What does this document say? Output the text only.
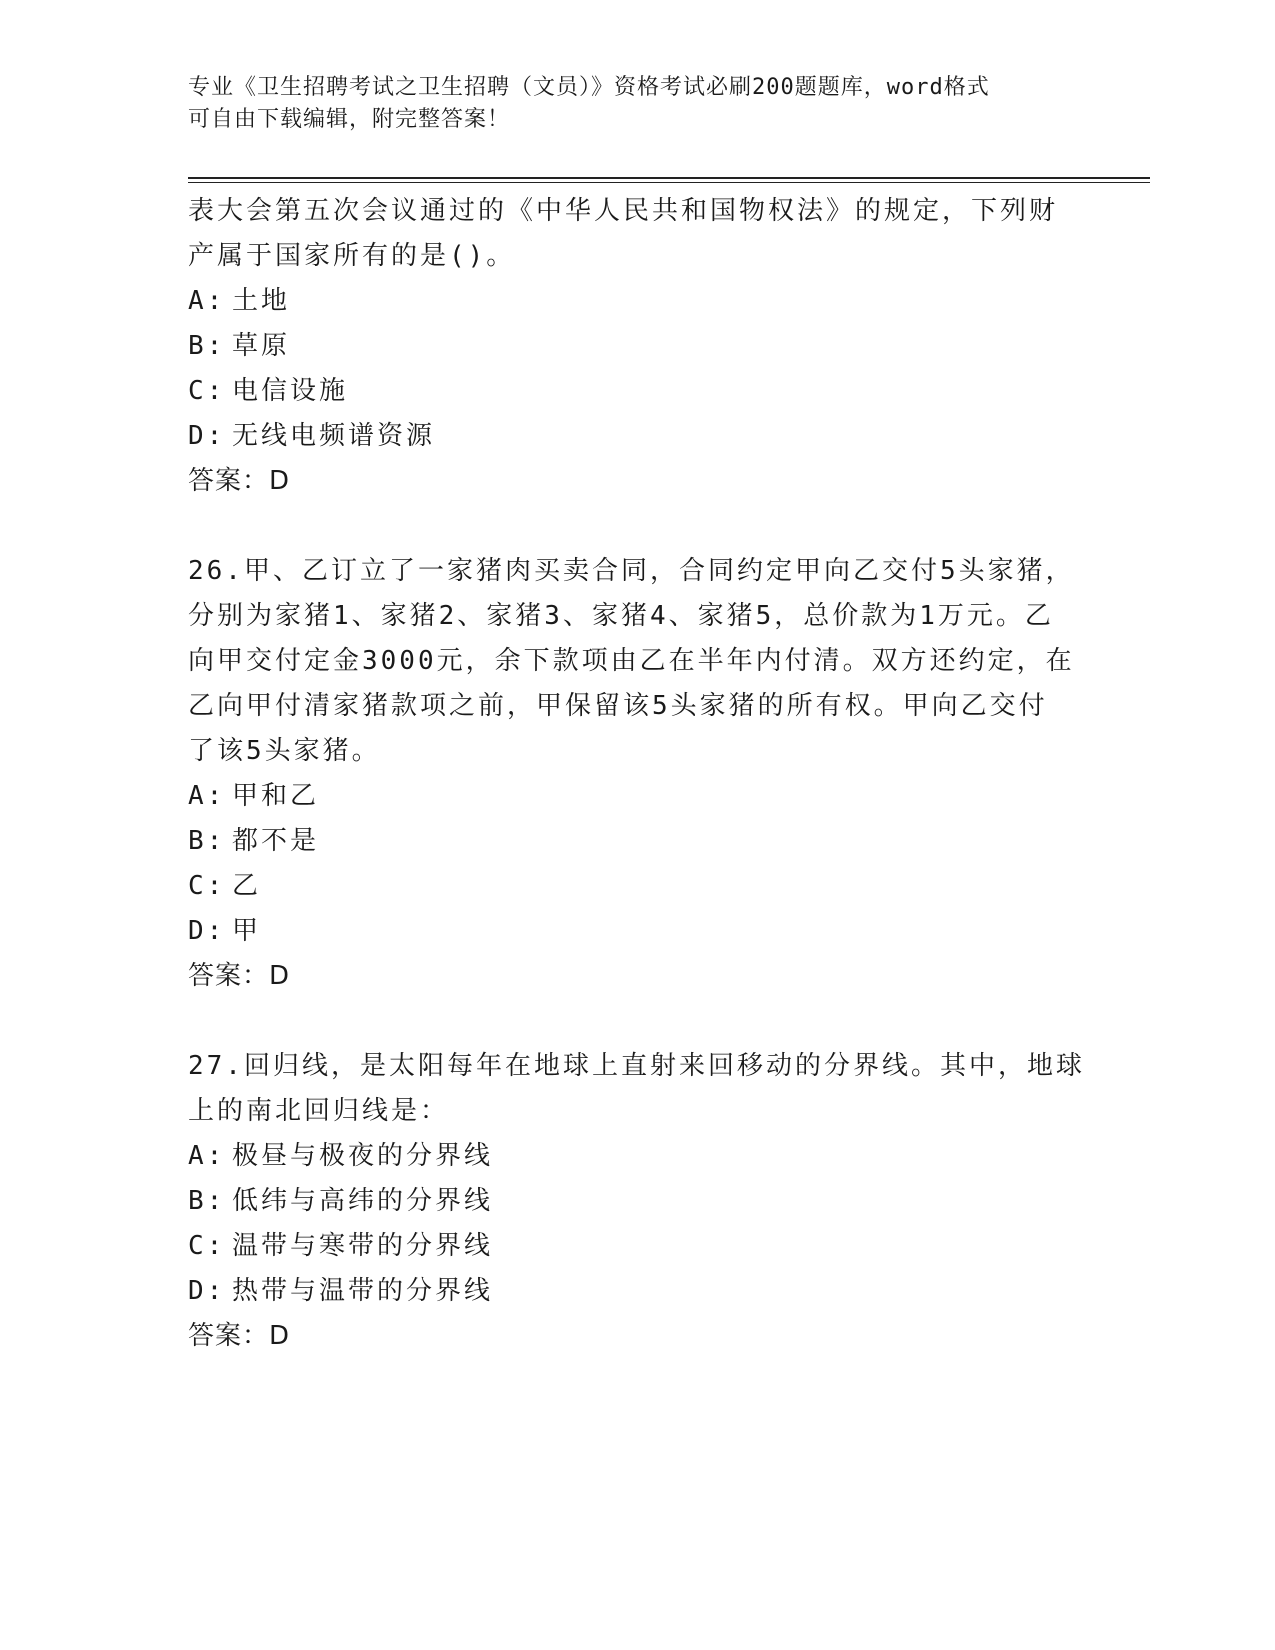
专业《卫生招聘考试之卫生招聘（文员）》资格考试必刷200题题库，word格式
可自由下载编辑，附完整答案！
表大会第五次会议通过的《中华人民共和国物权法》的规定，下列财
产属于国家所有的是()。
A: 土地
B: 草原
C: 电信设施
D: 无线电频谱资源
答案：D
26.甲、乙订立了一家猪肉买卖合同，合同约定甲向乙交付5头家猪，
分别为家猪1、家猪2、家猪3、家猪4、家猪5，总价款为1万元。乙
向甲交付定金3000元，余下款项由乙在半年内付清。双方还约定，在
乙向甲付清家猪款项之前，甲保留该5头家猪的所有权。甲向乙交付
了该5头家猪。
A: 甲和乙
B: 都不是
C: 乙
D: 甲
答案：D
27.回归线，是太阳每年在地球上直射来回移动的分界线。其中，地球
上的南北回归线是：
A: 极昼与极夜的分界线
B: 低纬与高纬的分界线
C: 温带与寒带的分界线
D: 热带与温带的分界线
答案：D
